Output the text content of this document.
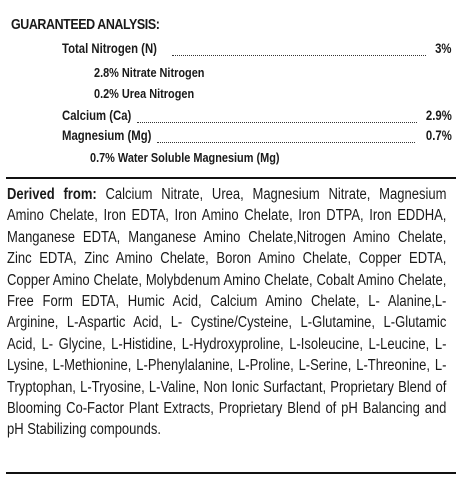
GUARANTEED ANALYSIS:
Total Nitrogen (N)	3%
2.8% Nitrate Nitrogen
0.2% Urea Nitrogen
Calcium (Ca)	2.9%
Magnesium (Mg)	0.7%
0.7% Water Soluble Magnesium (Mg)
Derived from: Calcium Nitrate, Urea, Magnesium Nitrate, Magnesium Amino Chelate, Iron EDTA, Iron Amino Chelate, Iron DTPA, Iron EDDHA, Manganese EDTA, Manganese Amino Chelate,Nitrogen Amino Chelate, Zinc EDTA, Zinc Amino Chelate, Boron Amino Chelate, Copper EDTA, Copper Amino Chelate, Molybdenum Amino Chelate, Cobalt Amino Chelate, Free Form EDTA, Humic Acid, Calcium Amino Chelate, L- Alanine,L- Arginine, L-Aspartic Acid, L- Cystine/Cysteine, L-Glutamine, L-Glutamic Acid, L- Glycine, L-Histidine, L-Hydroxyproline, L-Isoleucine, L-Leucine, L-Lysine, L-Methionine, L-Phenylalanine, L-Proline, L-Serine, L-Threonine, L-Tryptophan, L-Tryosine, L-Valine, Non Ionic Surfactant, Proprietary Blend of Blooming Co-Factor Plant Extracts, Proprietary Blend of pH Balancing and pH Stabilizing compounds.
